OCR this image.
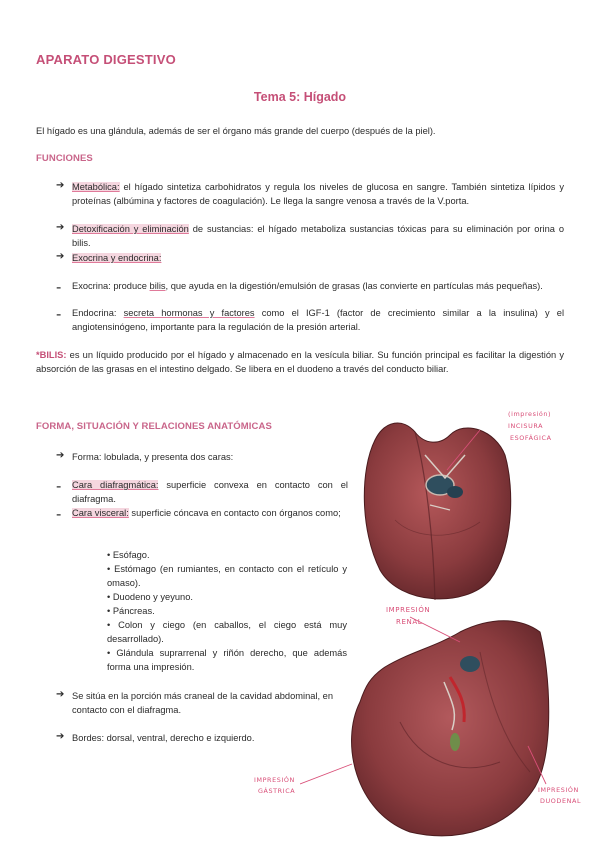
APARATO DIGESTIVO
Tema 5: Hígado

El hígado es una glándula, además de ser el órgano más grande del cuerpo (después de la piel).

FUNCIONES
➔ Metabólica: el hígado sintetiza carbohidratos y regula los niveles de glucosa en sangre. También sintetiza lípidos y proteínas (albúmina y factores de coagulación). Le llega la sangre venosa a través de la V.porta.

➔ Detoxificación y eliminación de sustancias: el hígado metaboliza sustancias tóxicas para su eliminación por orina o bilis.

➔ Exocrina y endocrina:

- Exocrina: produce bilis, que ayuda en la digestión/emulsión de grasas (las convierte en partículas más pequeñas).

- Endocrina: secreta hormonas y factores como el IGF-1 (factor de crecimiento similar a la insulina) y el angiotensinógeno, importante para la regulación de la presión arterial.

*BILIS: es un líquido producido por el hígado y almacenado en la vesícula biliar. Su función principal es facilitar la digestión y absorción de las grasas en el intestino delgado. Se libera en el duodeno a través del conducto biliar.

FORMA, SITUACIÓN Y RELACIONES ANATÓMICAS
➔ Forma: lobulada, y presenta dos caras:

- Cara diafragmática: superficie convexa en contacto con el diafragma.

- Cara visceral: superficie cóncava en contacto con órganos como;

• Esófago.

• Estómago (en rumiantes, en contacto con el retículo y omaso).

• Duodeno y yeyuno.

• Páncreas.

• Colon y ciego (en caballos, el ciego está muy desarrollado).

• Glándula suprarrenal y riñón derecho, que además forma una impresión.

➔ Se sitúa en la porción más craneal de la cavidad abdominal, en contacto con el diafragma.

➔ Bordes: dorsal, ventral, derecho e izquierdo.

(impresión)
INCISURA
ESOFÁGICA
IMPRESIÓN
RENAL
IMPRESIÓN
GÁSTRICA	IMPRESIÓN
DUODENAL
